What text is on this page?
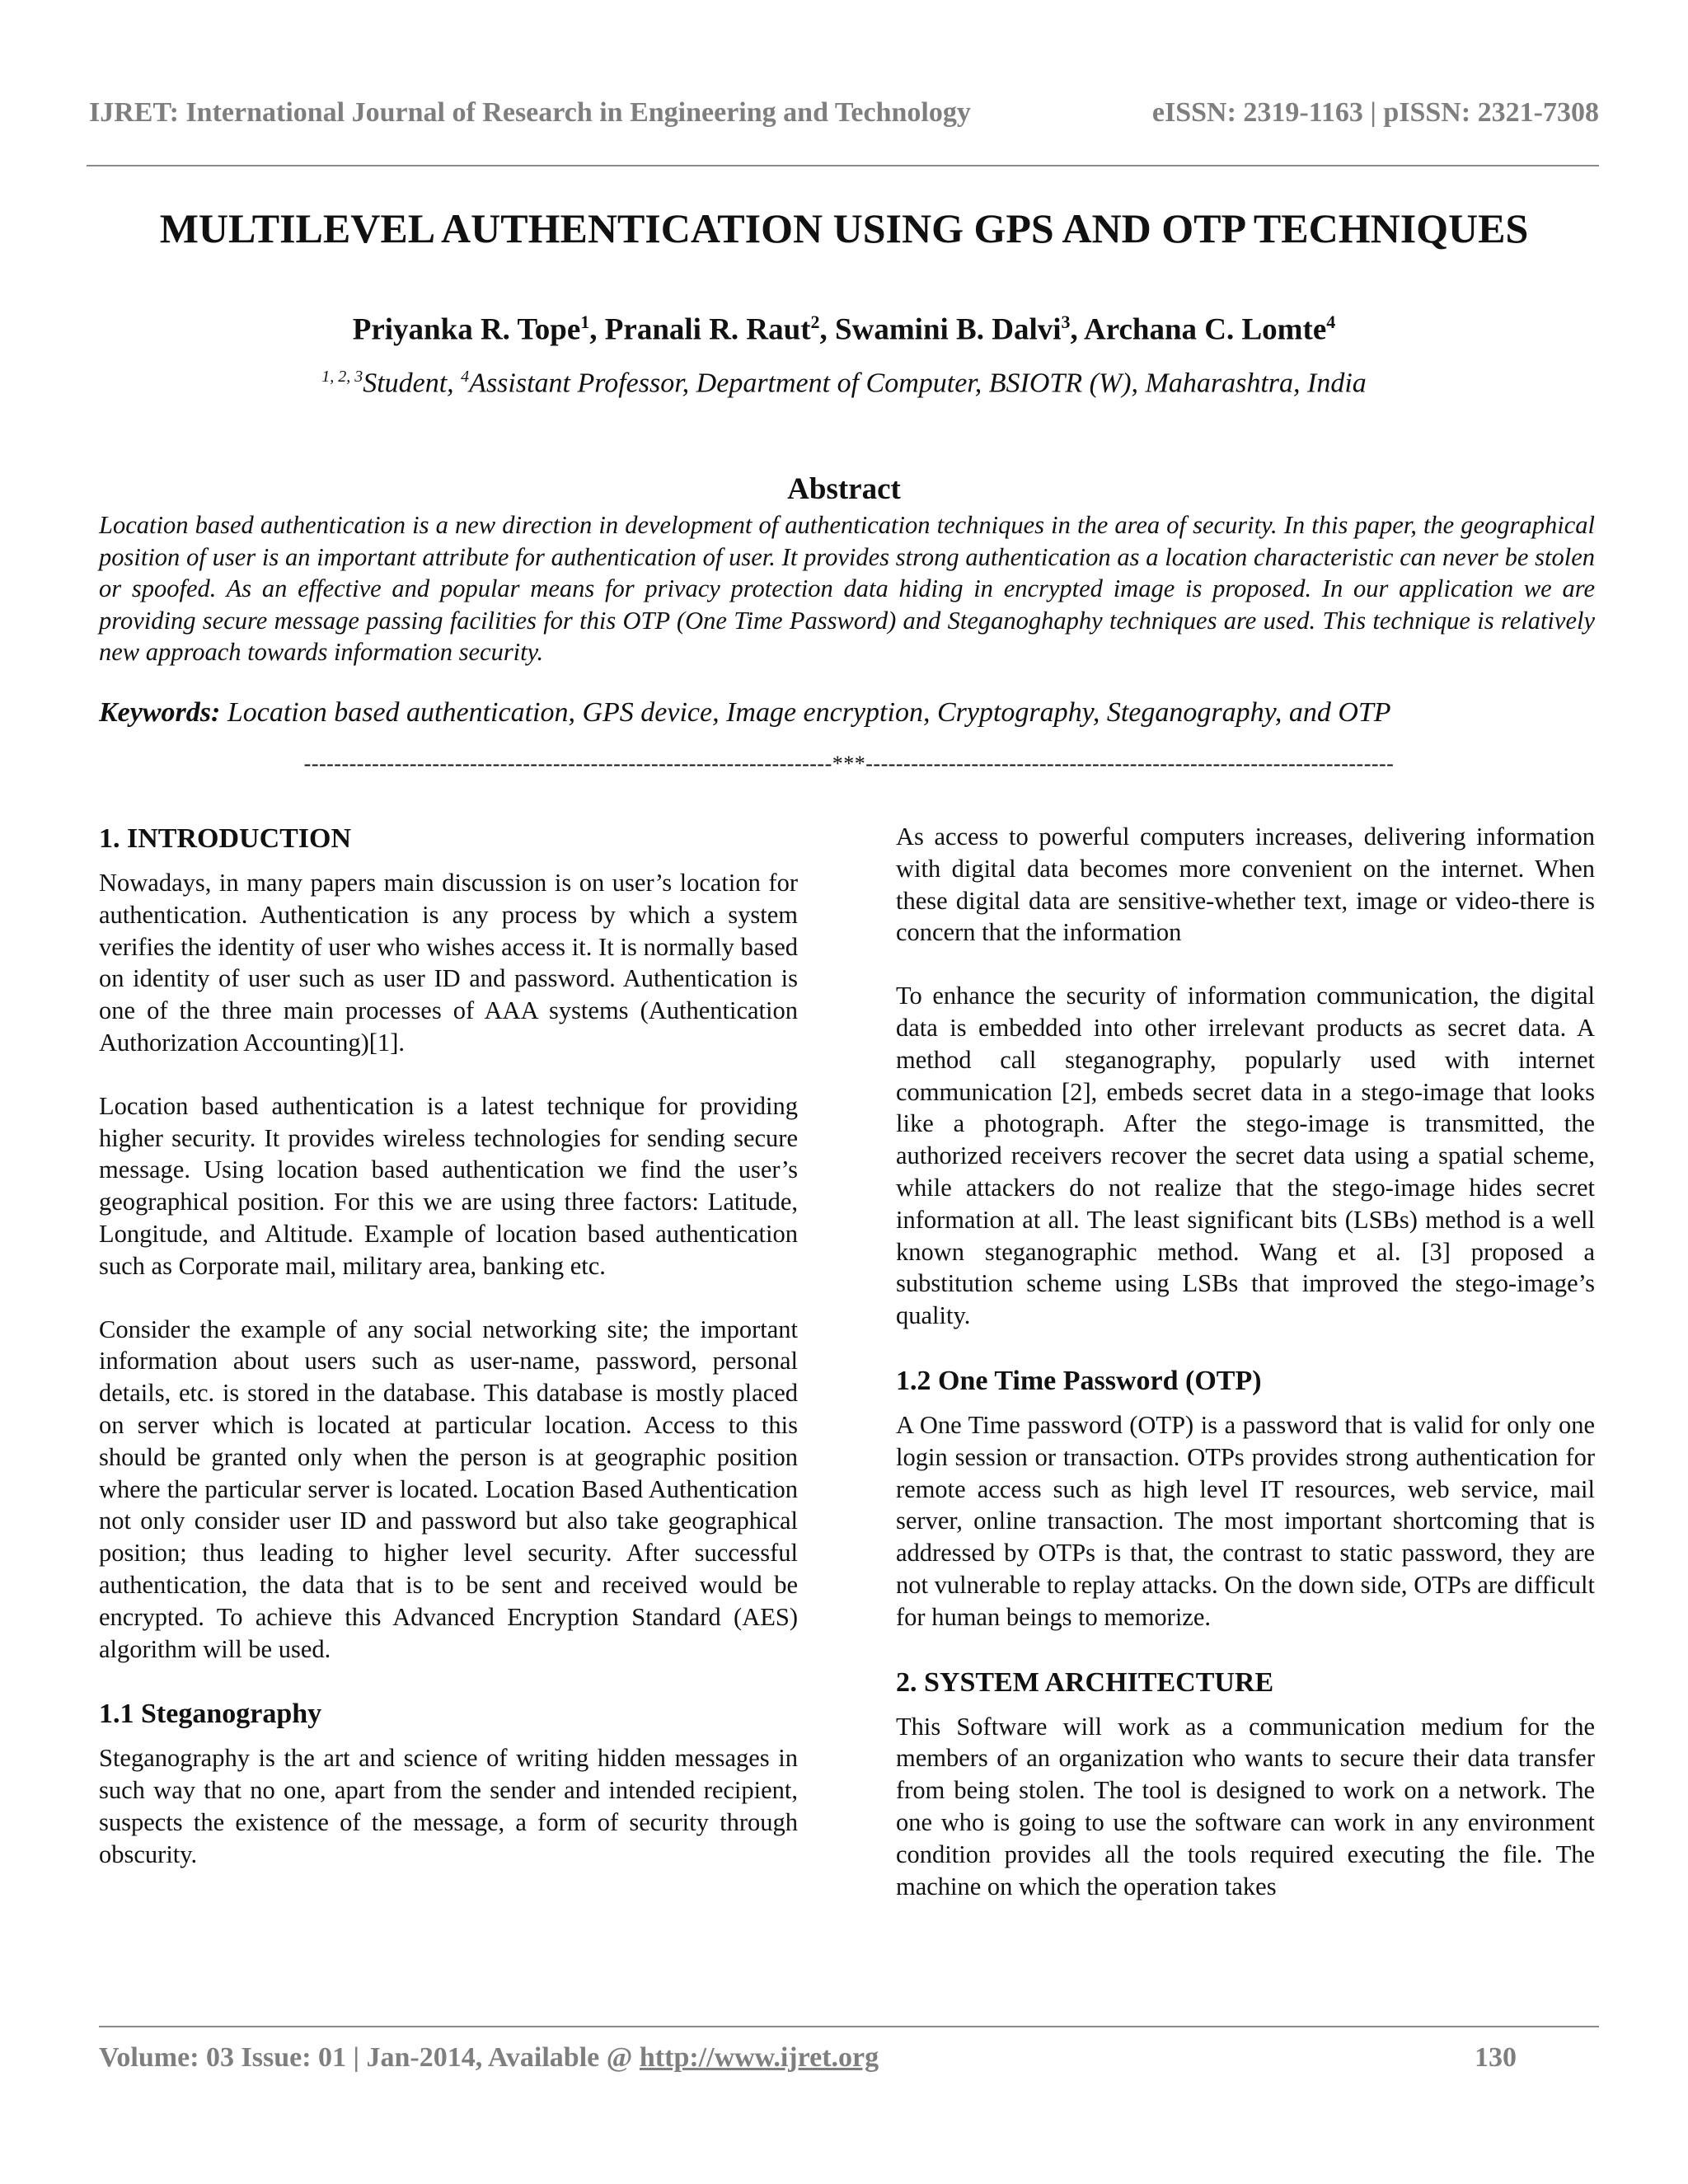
IJRET: International Journal of Research in Engineering and Technology	eISSN: 2319-1163 | pISSN: 2321-7308
MULTILEVEL AUTHENTICATION USING GPS AND OTP TECHNIQUES
Priyanka R. Tope$^1$, Pranali R. Raut$^2$, Swamini B. Dalvi$^3$, Archana C. Lomte$^4$
$^{1, 2, 3}$Student, $^4$Assistant Professor, Department of Computer, BSIOTR (W), Maharashtra, India
Abstract
Location based authentication is a new direction in development of authentication techniques in the area of security. In this paper, the geographical position of user is an important attribute for authentication of user. It provides strong authentication as a location characteristic can never be stolen or spoofed. As an effective and popular means for privacy protection data hiding in encrypted image is proposed. In our application we are providing secure message passing facilities for this OTP (One Time Password) and Steganoghaphy techniques are used. This technique is relatively new approach towards information security.
Keywords: Location based authentication, GPS device, Image encryption, Cryptography, Steganography, and OTP
----------------------------------------------------------------------***----------------------------------------------------------------------
1. INTRODUCTION

Nowadays, in many papers main discussion is on user’s location for authentication. Authentication is any process by which a system verifies the identity of user who wishes access it. It is normally based on identity of user such as user ID and password. Authentication is one of the three main processes of AAA systems (Authentication Authorization Accounting)[1].

Location based authentication is a latest technique for providing higher security. It provides wireless technologies for sending secure message. Using location based authentication we find the user’s geographical position. For this we are using three factors: Latitude, Longitude, and Altitude. Example of location based authentication such as Corporate mail, military area, banking etc.

Consider the example of any social networking site; the important information about users such as user-name, password, personal details, etc. is stored in the database. This database is mostly placed on server which is located at particular location. Access to this should be granted only when the person is at geographic position where the particular server is located. Location Based Authentication not only consider user ID and password but also take geographical position; thus leading to higher level security. After successful authentication, the data that is to be sent and received would be encrypted. To achieve this Advanced Encryption Standard (AES) algorithm will be used.

1.1 Steganography

Steganography is the art and science of writing hidden messages in such way that no one, apart from the sender and intended recipient, suspects the existence of the message, a form of security through obscurity.

As access to powerful computers increases, delivering information with digital data becomes more convenient on the internet. When these digital data are sensitive-whether text, image or video-there is concern that the information

To enhance the security of information communication, the digital data is embedded into other irrelevant products as secret data. A method call steganography, popularly used with internet communication [2], embeds secret data in a stego-image that looks like a photograph. After the stego-image is transmitted, the authorized receivers recover the secret data using a spatial scheme, while attackers do not realize that the stego-image hides secret information at all. The least significant bits (LSBs) method is a well known steganographic method. Wang et al. [3] proposed a substitution scheme using LSBs that improved the stego-image’s quality.

1.2 One Time Password (OTP)

A One Time password (OTP) is a password that is valid for only one login session or transaction. OTPs provides strong authentication for remote access such as high level IT resources, web service, mail server, online transaction. The most important shortcoming that is addressed by OTPs is that, the contrast to static password, they are not vulnerable to replay attacks. On the down side, OTPs are difficult for human beings to memorize.

2. SYSTEM ARCHITECTURE

This Software will work as a communication medium for the members of an organization who wants to secure their data transfer from being stolen. The tool is designed to work on a network. The one who is going to use the software can work in any environment condition provides all the tools required executing the file. The machine on which the operation takes

Volume: 03 Issue: 01 | Jan-2014, Available @ http://www.ijret.org	130
